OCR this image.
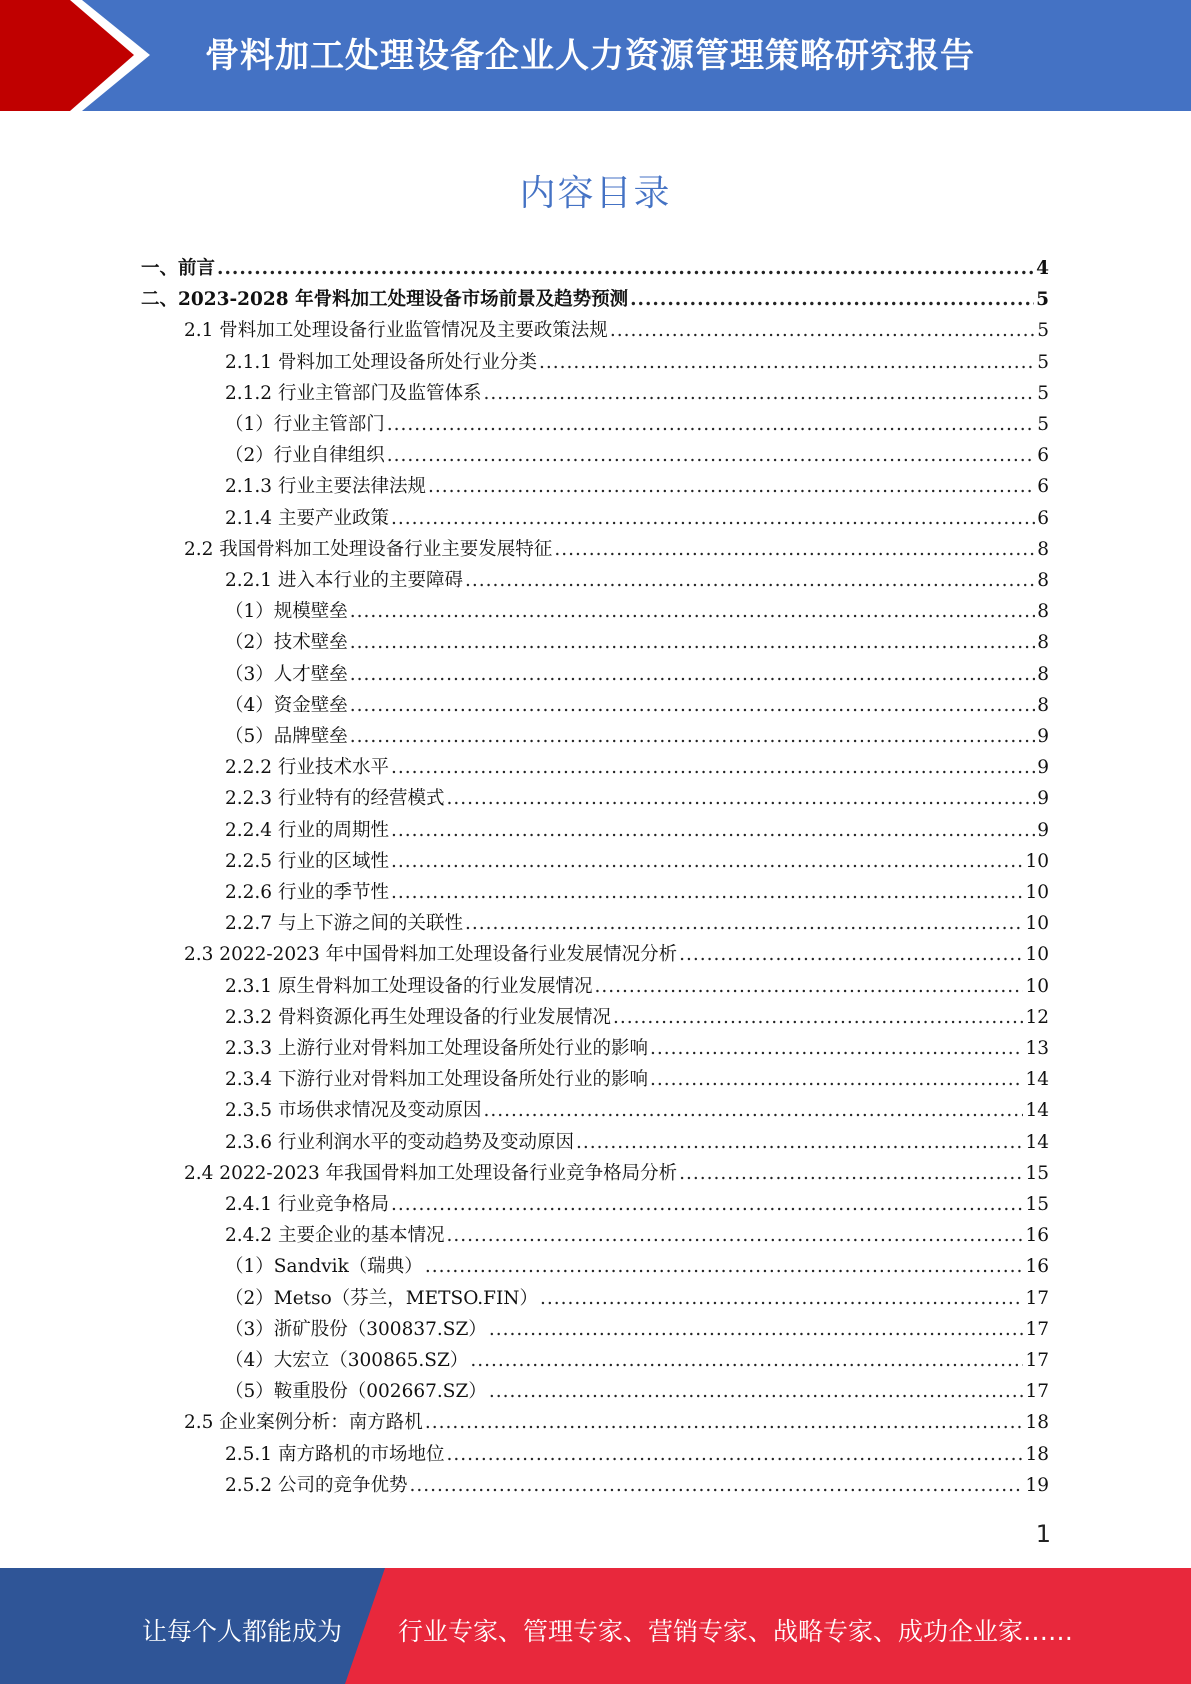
骨料加工处理设备企业人力资源管理策略研究报告
内容目录
一、前言 .....	4
二、2023-2028 年骨料加工处理设备市场前景及趋势预测 .....	5
2.1 骨料加工处理设备行业监管情况及主要政策法规 .....	5
2.1.1 骨料加工处理设备所处行业分类 .....	5
2.1.2 行业主管部门及监管体系 .....	5
（1）行业主管部门 .....	5
（2）行业自律组织 .....	6
2.1.3 行业主要法律法规 .....	6
2.1.4 主要产业政策 .....	6
2.2 我国骨料加工处理设备行业主要发展特征 .....	8
2.2.1 进入本行业的主要障碍 .....	8
（1）规模壁垒 .....	8
（2）技术壁垒 .....	8
（3）人才壁垒 .....	8
（4）资金壁垒 .....	8
（5）品牌壁垒 .....	9
2.2.2 行业技术水平 .....	9
2.2.3 行业特有的经营模式 .....	9
2.2.4 行业的周期性 .....	9
2.2.5 行业的区域性 .....	10
2.2.6 行业的季节性 .....	10
2.2.7 与上下游之间的关联性 .....	10
2.3 2022-2023 年中国骨料加工处理设备行业发展情况分析 .....	10
2.3.1 原生骨料加工处理设备的行业发展情况 .....	10
2.3.2 骨料资源化再生处理设备的行业发展情况 .....	12
2.3.3 上游行业对骨料加工处理设备所处行业的影响 .....	13
2.3.4 下游行业对骨料加工处理设备所处行业的影响 .....	14
2.3.5 市场供求情况及变动原因 .....	14
2.3.6 行业利润水平的变动趋势及变动原因 .....	14
2.4 2022-2023 年我国骨料加工处理设备行业竞争格局分析 .....	15
2.4.1 行业竞争格局 .....	15
2.4.2 主要企业的基本情况 .....	16
（1）Sandvik（瑞典） .....	16
（2）Metso（芬兰，METSO.FIN） .....	17
（3）浙矿股份（300837.SZ） .....	17
（4）大宏立（300865.SZ） .....	17
（5）鞍重股份（002667.SZ） .....	17
2.5 企业案例分析：南方路机 .....	18
2.5.1 南方路机的市场地位 .....	18
2.5.2 公司的竞争优势 .....	19
1
让每个人都能成为 行业专家、管理专家、营销专家、战略专家、成功企业家……
